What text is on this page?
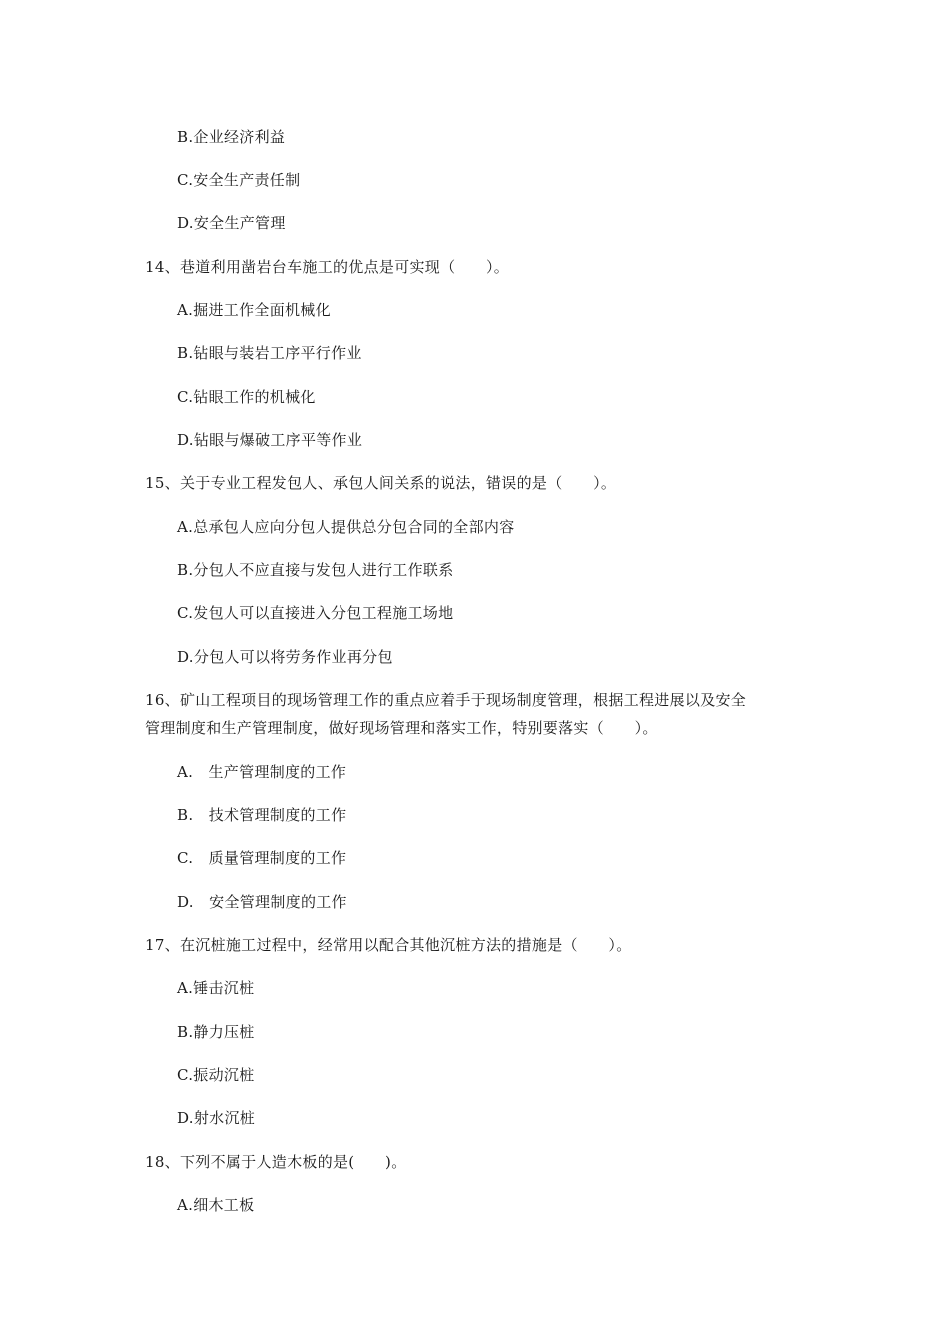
B.企业经济利益
C.安全生产责任制
D.安全生产管理
14、巷道利用凿岩台车施工的优点是可实现（　　）。
A.掘进工作全面机械化
B.钻眼与装岩工序平行作业
C.钻眼工作的机械化
D.钻眼与爆破工序平等作业
15、关于专业工程发包人、承包人间关系的说法，错误的是（　　）。
A.总承包人应向分包人提供总分包合同的全部内容
B.分包人不应直接与发包人进行工作联系
C.发包人可以直接进入分包工程施工场地
D.分包人可以将劳务作业再分包
16、矿山工程项目的现场管理工作的重点应着手于现场制度管理，根据工程进展以及安全
管理制度和生产管理制度，做好现场管理和落实工作，特别要落实（　　）。
A.　生产管理制度的工作
B.　技术管理制度的工作
C.　质量管理制度的工作
D.　安全管理制度的工作
17、在沉桩施工过程中，经常用以配合其他沉桩方法的措施是（　　）。
A.锤击沉桩
B.静力压桩
C.振动沉桩
D.射水沉桩
18、下列不属于人造木板的是(　　)。
A.细木工板
